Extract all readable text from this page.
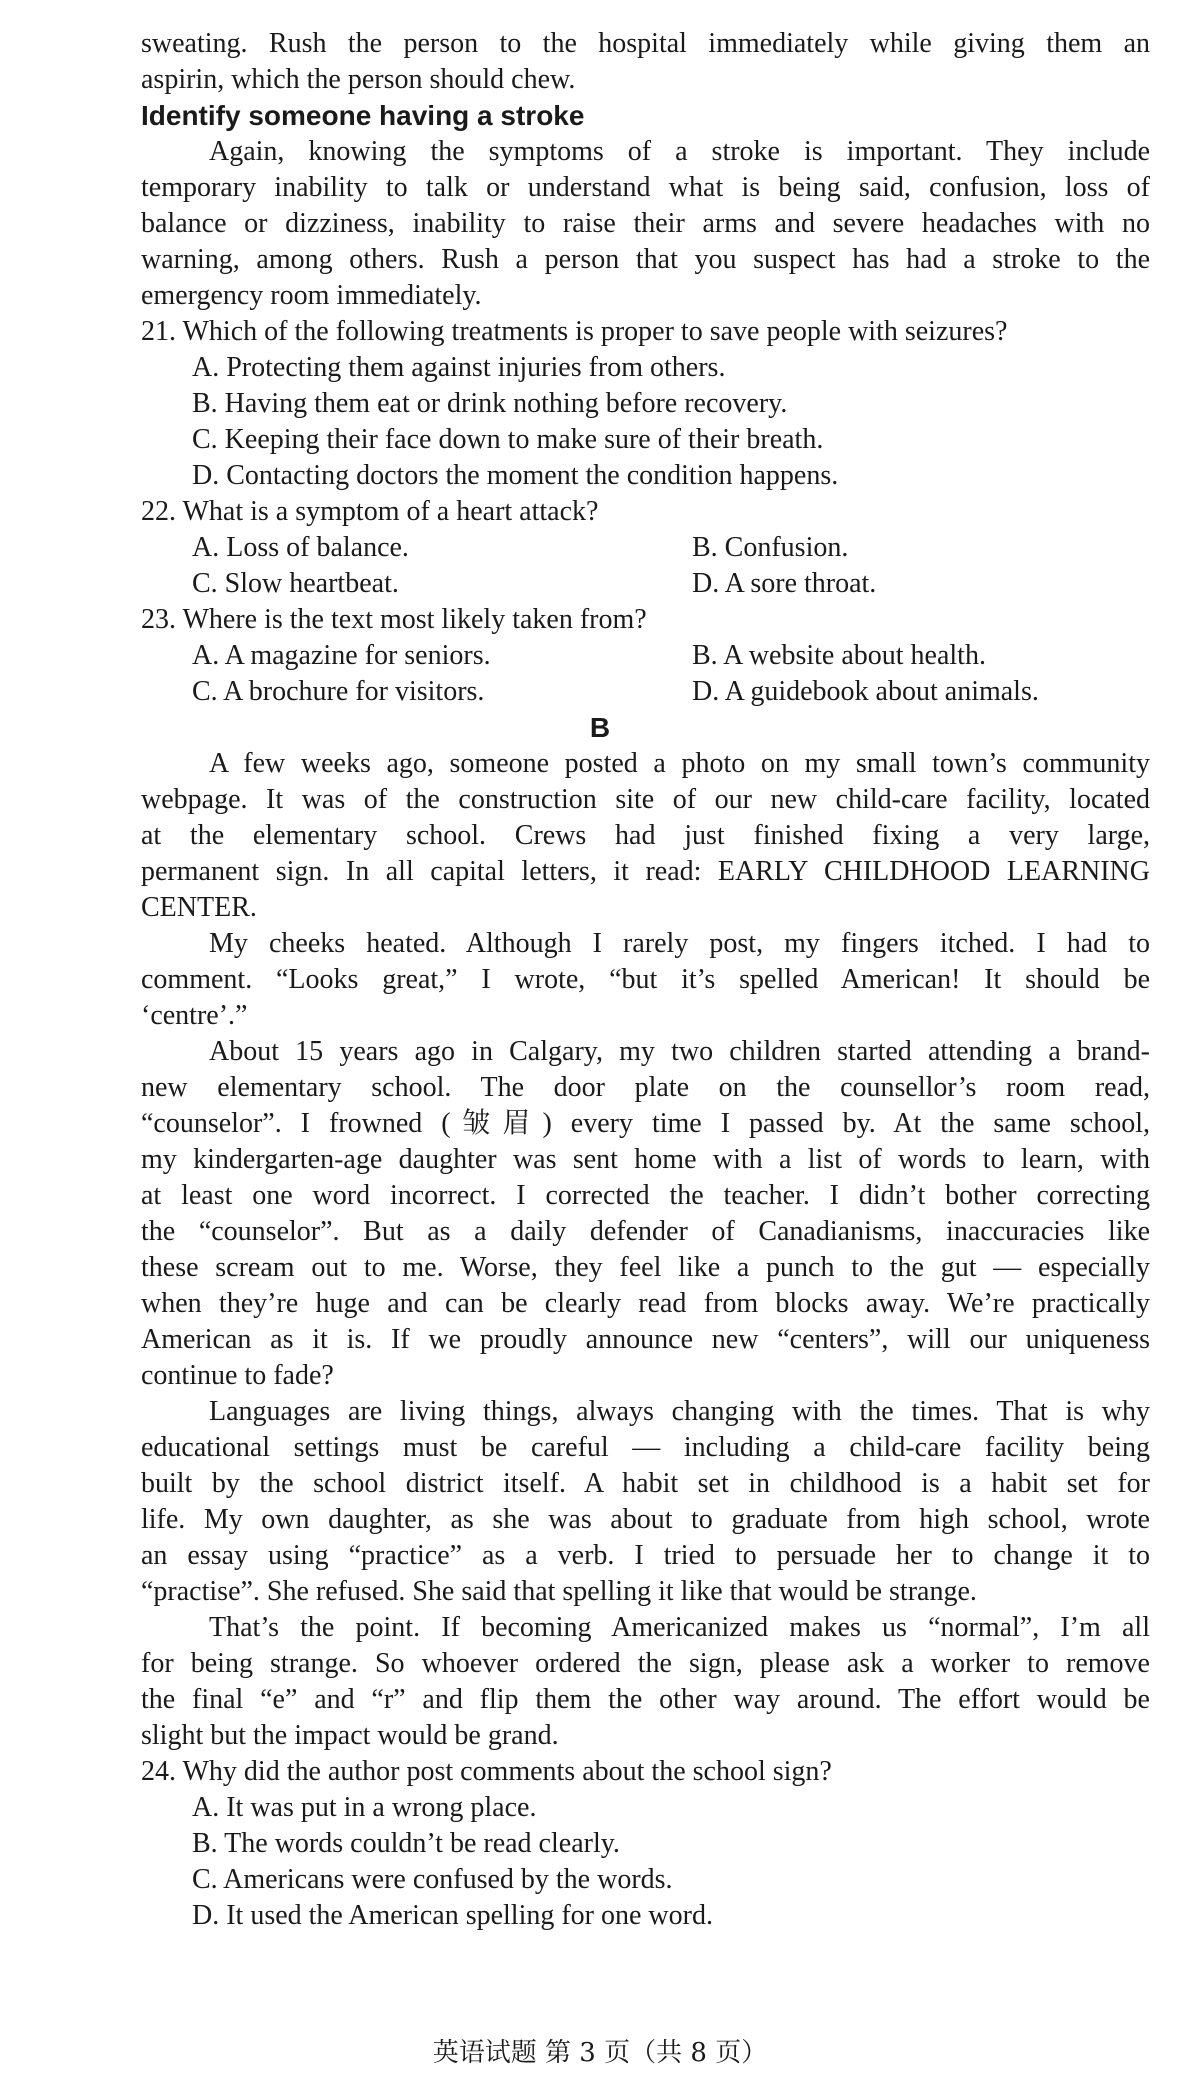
sweating. Rush the person to the hospital immediately while giving them an
aspirin, which the person should chew.
Identify someone having a stroke
Again, knowing the symptoms of a stroke is important. They include
temporary inability to talk or understand what is being said, confusion, loss of
balance or dizziness, inability to raise their arms and severe headaches with no
warning, among others. Rush a person that you suspect has had a stroke to the
emergency room immediately.
21. Which of the following treatments is proper to save people with seizures?
A. Protecting them against injuries from others.
B. Having them eat or drink nothing before recovery.
C. Keeping their face down to make sure of their breath.
D. Contacting doctors the moment the condition happens.
22. What is a symptom of a heart attack?
A. Loss of balance.	B. Confusion.
C. Slow heartbeat.	D. A sore throat.
23. Where is the text most likely taken from?
A. A magazine for seniors.	B. A website about health.
C. A brochure for visitors.	D. A guidebook about animals.
B
A few weeks ago, someone posted a photo on my small town’s community
webpage. It was of the construction site of our new child-care facility, located
at the elementary school. Crews had just finished fixing a very large,
permanent sign. In all capital letters, it read: EARLY CHILDHOOD LEARNING
CENTER.
My cheeks heated. Although I rarely post, my fingers itched. I had to
comment. “Looks great,” I wrote, “but it’s spelled American! It should be
‘centre’.”
About 15 years ago in Calgary, my two children started attending a brand-
new elementary school. The door plate on the counsellor’s room read,
“counselor”. I frowned (皱眉) every time I passed by. At the same school,
my kindergarten-age daughter was sent home with a list of words to learn, with
at least one word incorrect. I corrected the teacher. I didn’t bother correcting
the “counselor”. But as a daily defender of Canadianisms, inaccuracies like
these scream out to me. Worse, they feel like a punch to the gut — especially
when they’re huge and can be clearly read from blocks away. We’re practically
American as it is. If we proudly announce new “centers”, will our uniqueness
continue to fade?
Languages are living things, always changing with the times. That is why
educational settings must be careful — including a child-care facility being
built by the school district itself. A habit set in childhood is a habit set for
life. My own daughter, as she was about to graduate from high school, wrote
an essay using “practice” as a verb. I tried to persuade her to change it to
“practise”. She refused. She said that spelling it like that would be strange.
That’s the point. If becoming Americanized makes us “normal”, I’m all
for being strange. So whoever ordered the sign, please ask a worker to remove
the final “e” and “r” and flip them the other way around. The effort would be
slight but the impact would be grand.
24. Why did the author post comments about the school sign?
A. It was put in a wrong place.
B. The words couldn’t be read clearly.
C. Americans were confused by the words.
D. It used the American spelling for one word.
英语试题 第 3 页（共 8 页）
